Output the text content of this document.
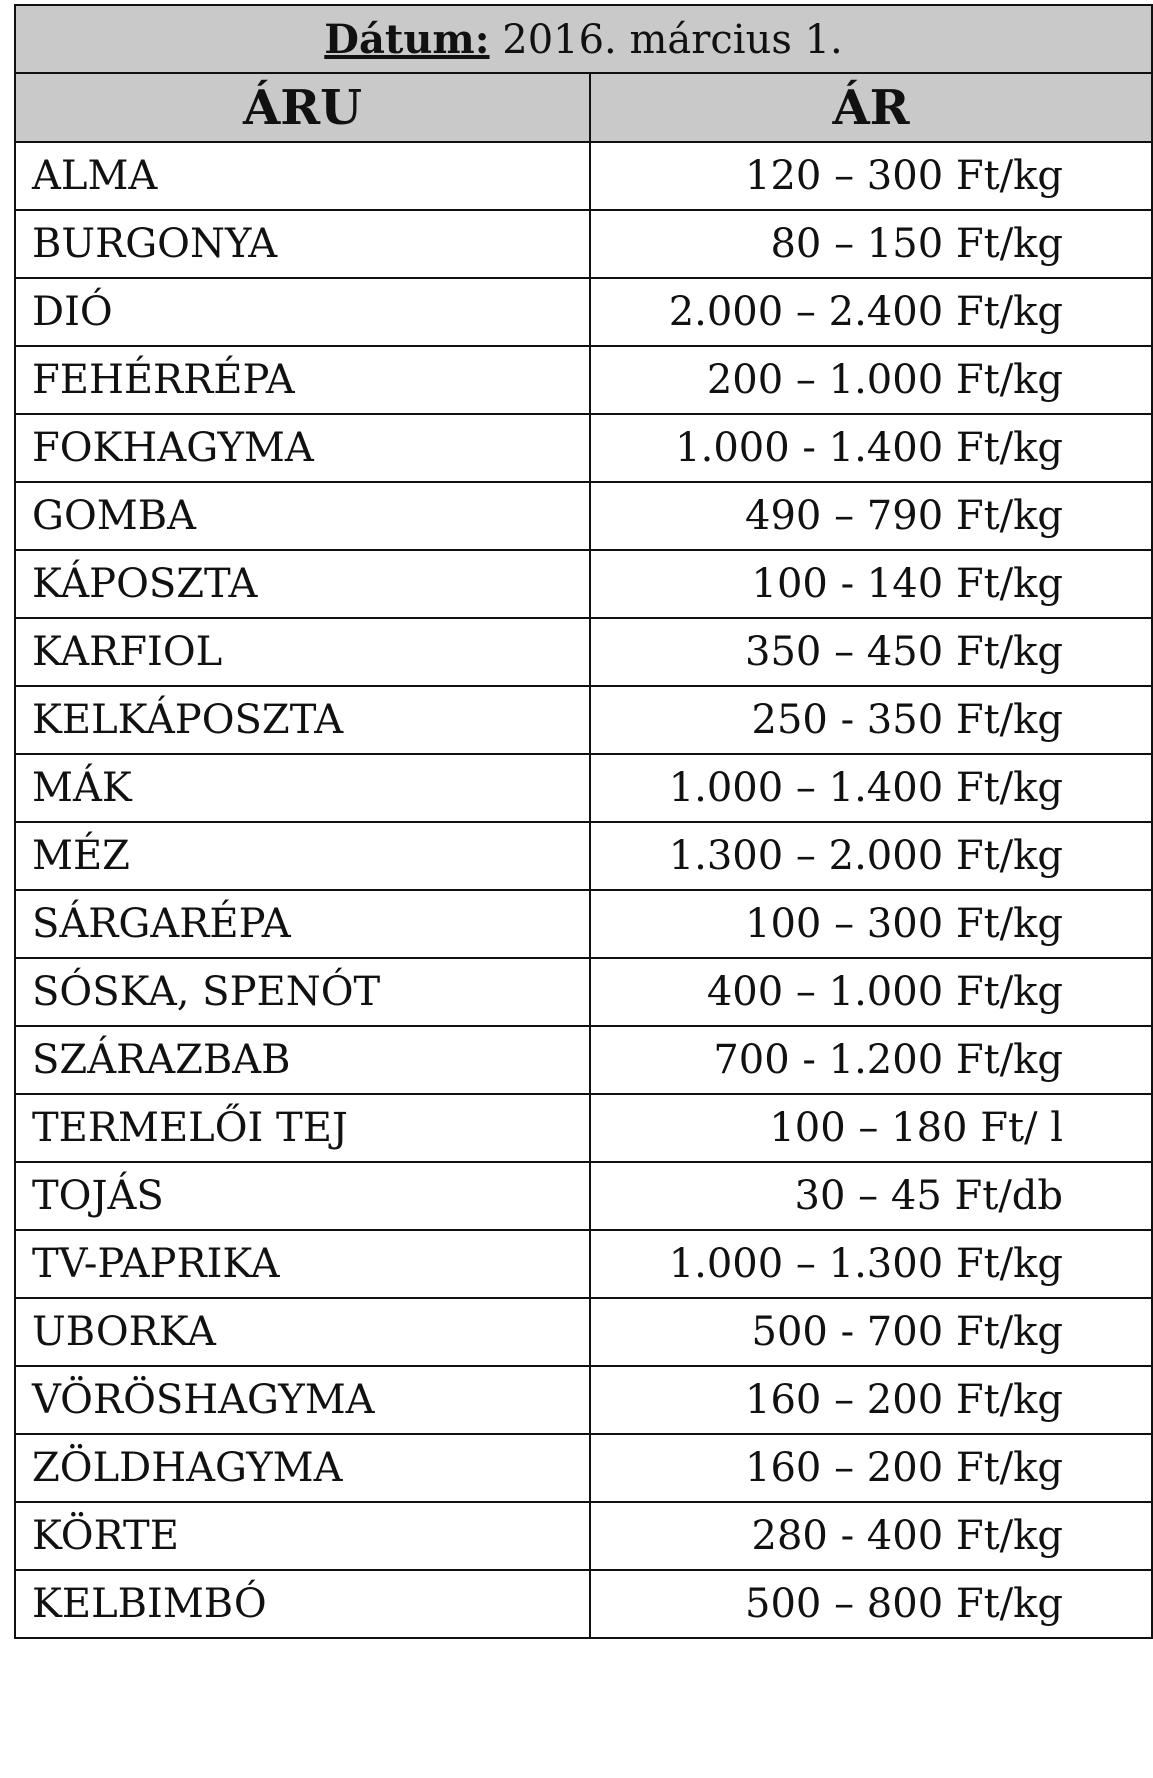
Dátum: 2016. március 1.	
ÁRU	ÁR
ALMA	120 – 300 Ft/kg
BURGONYA	80 – 150 Ft/kg
DIÓ	2.000 – 2.400 Ft/kg
FEHÉRRÉPA	200 – 1.000 Ft/kg
FOKHAGYMA	1.000 - 1.400 Ft/kg
GOMBA	490 – 790 Ft/kg
KÁPOSZTA	100 - 140 Ft/kg
KARFIOL	350 – 450 Ft/kg
KELKÁPOSZTA	250 - 350 Ft/kg
MÁK	1.000 – 1.400 Ft/kg
MÉZ	1.300 – 2.000 Ft/kg
SÁRGARÉPA	100 – 300 Ft/kg
SÓSKA, SPENÓT	400 – 1.000 Ft/kg
SZÁRAZBAB	700 - 1.200 Ft/kg
TERMELŐI TEJ	100 – 180 Ft/ l
TOJÁS	30 – 45 Ft/db
TV-PAPRIKA	1.000 – 1.300 Ft/kg
UBORKA	500 - 700 Ft/kg
VÖRÖSHAGYMA	160 – 200 Ft/kg
ZÖLDHAGYMA	160 – 200 Ft/kg
KÖRTE	280 - 400 Ft/kg
KELBIMBÓ	500 – 800 Ft/kg
